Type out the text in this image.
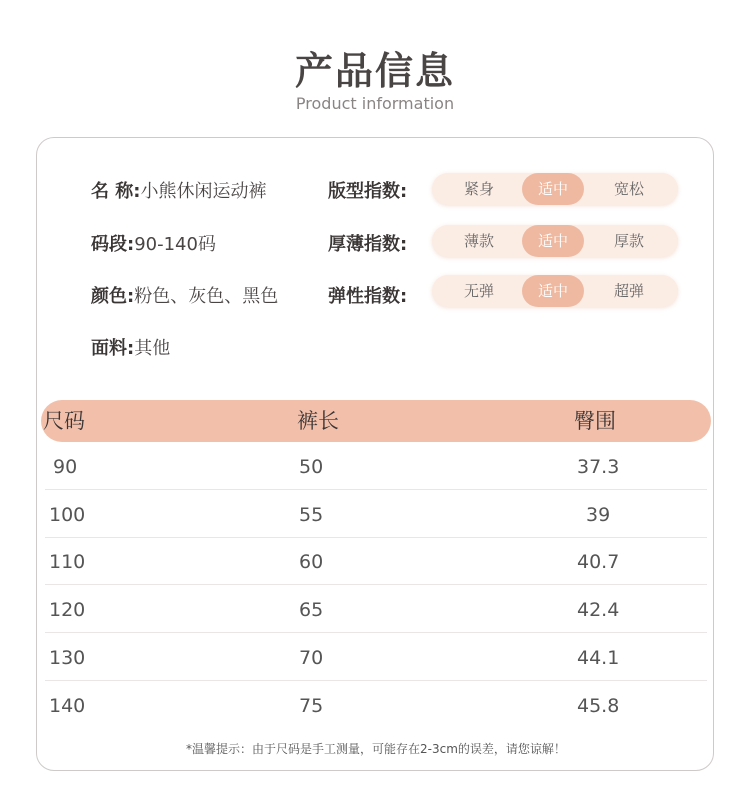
产品信息
Product information
名 称:小熊休闲运动裤
码段:90-140码
颜色:粉色、灰色、黑色
面料:其他
版型指数:	紧身	适中	宽松
厚薄指数:	薄款	适中	厚款
弹性指数:	无弹	适中	超弹
尺码	裤长	臀围
90	50	37.3
100	55	39
110	60	40.7
120	65	42.4
130	70	44.1
140	75	45.8
*温馨提示：由于尺码是手工测量，可能存在2-3cm的误差，请您谅解！
